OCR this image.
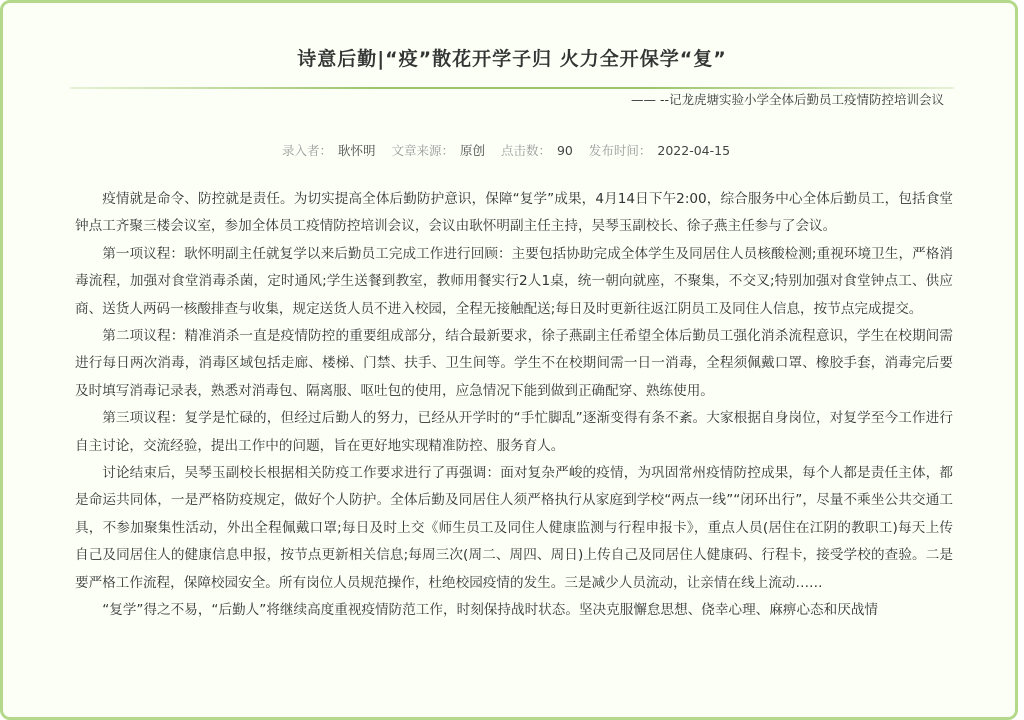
诗意后勤|“疫”散花开学子归 火力全开保学“复”
—— --记龙虎塘实验小学全体后勤员工疫情防控培训会议
录入者： 耿怀明 文章来源： 原创 点击数： 90 发布时间： 2022-04-15

疫情就是命令、防控就是责任。为切实提高全体后勤防护意识，保障“复学”成果，4月14日下午2:00，综合服务中心全体后勤员工，包括食堂钟点工齐聚三楼会议室，参加全体员工疫情防控培训会议，会议由耿怀明副主任主持，吴琴玉副校长、徐子燕主任参与了会议。

第一项议程：耿怀明副主任就复学以来后勤员工完成工作进行回顾：主要包括协助完成全体学生及同居住人员核酸检测;重视环境卫生，严格消毒流程，加强对食堂消毒杀菌，定时通风;学生送餐到教室，教师用餐实行2人1桌，统一朝向就座，不聚集，不交叉;特别加强对食堂钟点工、供应商、送货人两码一核酸排查与收集，规定送货人员不进入校园，全程无接触配送;每日及时更新往返江阴员工及同住人信息，按节点完成提交。

第二项议程：精准消杀一直是疫情防控的重要组成部分，结合最新要求，徐子燕副主任希望全体后勤员工强化消杀流程意识，学生在校期间需进行每日两次消毒，消毒区域包括走廊、楼梯、门禁、扶手、卫生间等。学生不在校期间需一日一消毒，全程须佩戴口罩、橡胶手套，消毒完后要及时填写消毒记录表，熟悉对消毒包、隔离服、呕吐包的使用，应急情况下能到做到正确配穿、熟练使用。

第三项议程：复学是忙碌的，但经过后勤人的努力，已经从开学时的“手忙脚乱”逐渐变得有条不紊。大家根据自身岗位，对复学至今工作进行自主讨论，交流经验，提出工作中的问题，旨在更好地实现精准防控、服务育人。

讨论结束后，吴琴玉副校长根据相关防疫工作要求进行了再强调：面对复杂严峻的疫情，为巩固常州疫情防控成果，每个人都是责任主体，都是命运共同体，一是严格防疫规定，做好个人防护。全体后勤及同居住人须严格执行从家庭到学校“两点一线”“闭环出行”，尽量不乘坐公共交通工具，不参加聚集性活动，外出全程佩戴口罩;每日及时上交《师生员工及同住人健康监测与行程申报卡》，重点人员(居住在江阴的教职工)每天上传自己及同居住人的健康信息申报，按节点更新相关信息;每周三次(周二、周四、周日)上传自己及同居住人健康码、行程卡，接受学校的查验。二是要严格工作流程，保障校园安全。所有岗位人员规范操作，杜绝校园疫情的发生。三是减少人员流动，让亲情在线上流动……

“复学”得之不易，“后勤人”将继续高度重视疫情防范工作，时刻保持战时状态。坚决克服懈怠思想、侥幸心理、麻痹心态和厌战情
